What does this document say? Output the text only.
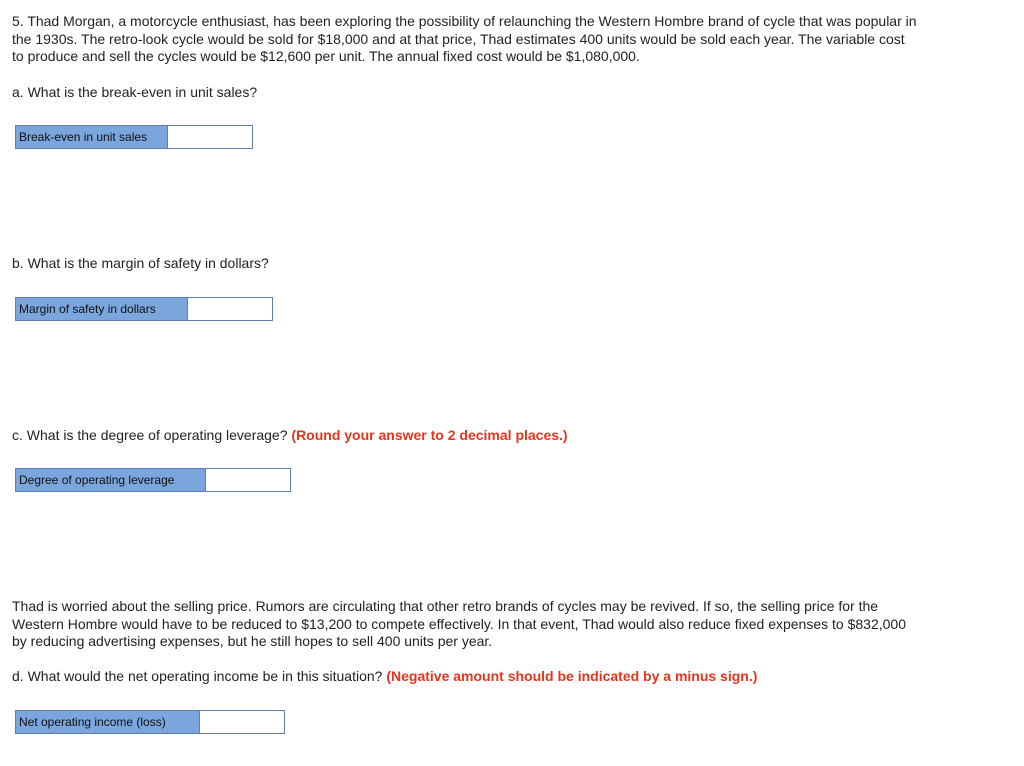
5. Thad Morgan, a motorcycle enthusiast, has been exploring the possibility of relaunching the Western Hombre brand of cycle that was popular in the 1930s. The retro-look cycle would be sold for $18,000 and at that price, Thad estimates 400 units would be sold each year. The variable cost to produce and sell the cycles would be $12,600 per unit. The annual fixed cost would be $1,080,000.

a. What is the break-even in unit sales?

Break-even in unit sales

b. What is the margin of safety in dollars?

Margin of safety in dollars

c. What is the degree of operating leverage? (Round your answer to 2 decimal places.)

Degree of operating leverage

Thad is worried about the selling price. Rumors are circulating that other retro brands of cycles may be revived. If so, the selling price for the Western Hombre would have to be reduced to $13,200 to compete effectively. In that event, Thad would also reduce fixed expenses to $832,000 by reducing advertising expenses, but he still hopes to sell 400 units per year.

d. What would the net operating income be in this situation? (Negative amount should be indicated by a minus sign.)

Net operating income (loss)
